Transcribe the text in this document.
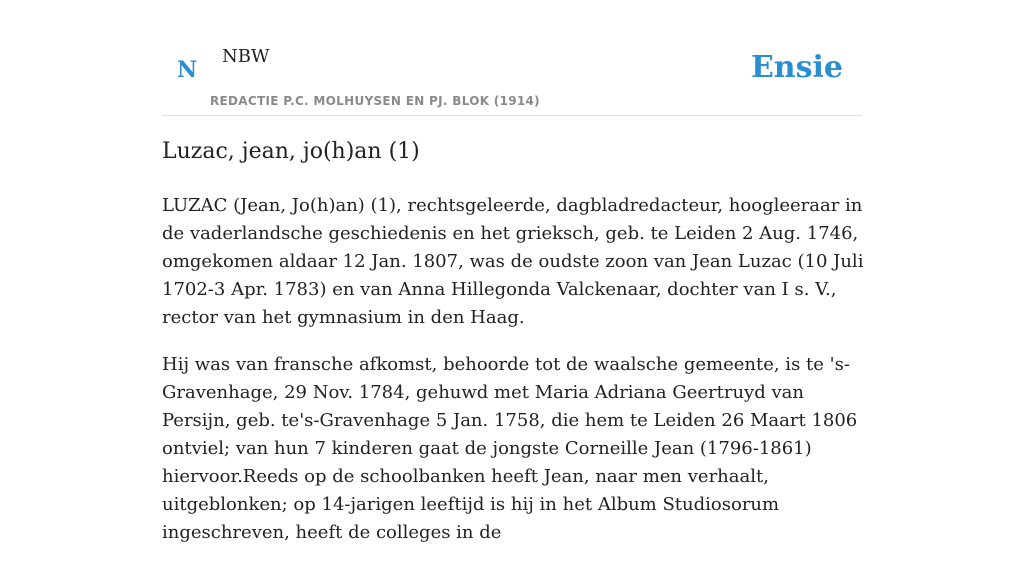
N
NBW
REDACTIE P.C. MOLHUYSEN EN PJ. BLOK (1914)
Ensie
Luzac, jean, jo(h)an (1)

LUZAC (Jean, Jo(h)an) (1), rechtsgeleerde, dagbladredacteur, hoogleeraar in de vaderlandsche geschiedenis en het grieksch, geb. te Leiden 2 Aug. 1746, omgekomen aldaar 12 Jan. 1807, was de oudste zoon van Jean Luzac (10 Juli 1702-3 Apr. 1783) en van Anna Hillegonda Valckenaar, dochter van I s. V., rector van het gymnasium in den Haag.

Hij was van fransche afkomst, behoorde tot de waalsche gemeente, is te 's-Gravenhage, 29 Nov. 1784, gehuwd met Maria Adriana Geertruyd van Persijn, geb. te's-Gravenhage 5 Jan. 1758, die hem te Leiden 26 Maart 1806 ontviel; van hun 7 kinderen gaat de jongste Corneille Jean (1796-1861) hiervoor.Reeds op de schoolbanken heeft Jean, naar men verhaalt, uitgeblonken; op 14-jarigen leeftijd is hij in het Album Studiosorum ingeschreven, heeft de colleges in de
